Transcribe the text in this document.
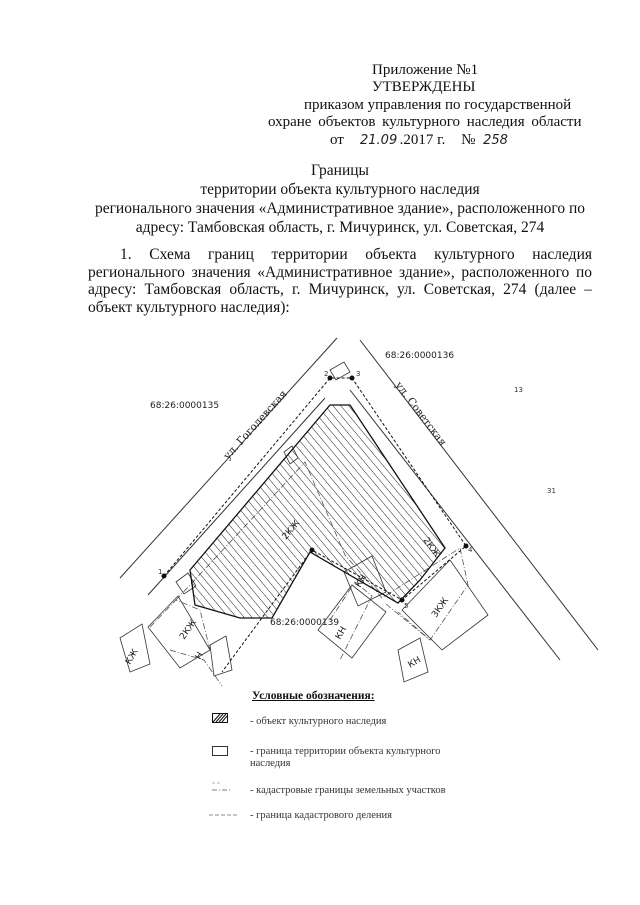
Приложение №1
УТВЕРЖДЕНЫ
приказом управления по государственной
охране объектов культурного наследия области
от 21.09 .2017 г. № 258
Границы
территории объекта культурного наследия
регионального значения «Административное здание», расположенного по
адресу: Тамбовская область, г. Мичуринск, ул. Советская, 274
1. Схема границ территории объекта культурного наследия регионального значения «Административное здание», расположенного по адресу: Тамбовская область, г. Мичуринск, ул. Советская, 274 (далее – объект культурного наследия):
68:26:0000136
68:26:0000135
68:26:0000139
ул. Гоголевская	ул. Советская
2КЖ
2КЖ
КН
КН
КН
Н
2КЖ
КЖ
3КЖ
13
31
1
2	3
4
5
Условные обозначения:
- объект культурного наследия
- граница территории объекта культурного наследия
- кадастровые границы земельных участков
- граница кадастрового деления
